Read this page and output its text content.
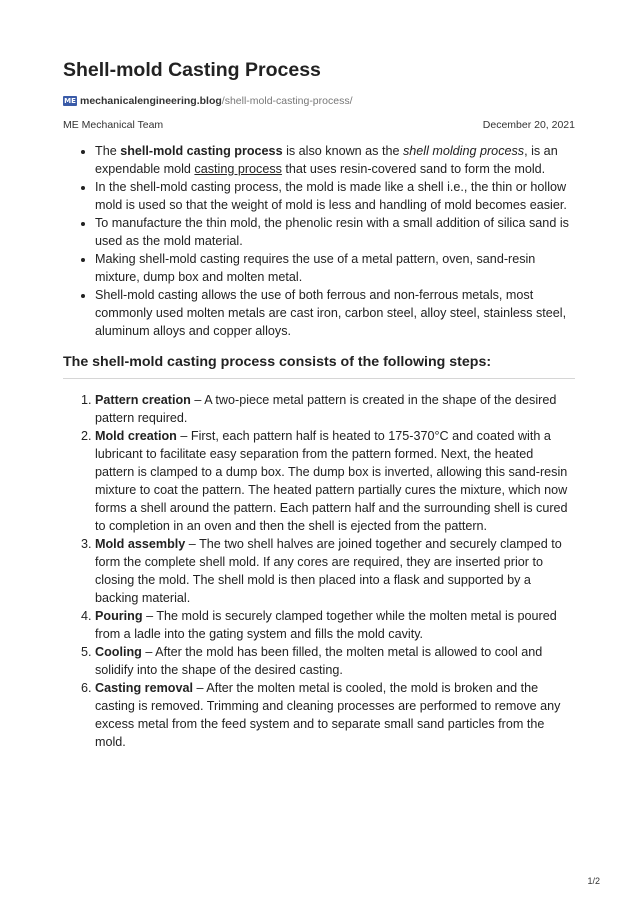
Shell-mold Casting Process
ME mechanicalengineering.blog /shell-mold-casting-process/
ME Mechanical Team	December 20, 2021
• The shell-mold casting process is also known as the shell molding process, is an expendable mold casting process that uses resin-covered sand to form the mold.
• In the shell-mold casting process, the mold is made like a shell i.e., the thin or hollow mold is used so that the weight of mold is less and handling of mold becomes easier.
• To manufacture the thin mold, the phenolic resin with a small addition of silica sand is used as the mold material.
• Making shell-mold casting requires the use of a metal pattern, oven, sand-resin mixture, dump box and molten metal.
• Shell-mold casting allows the use of both ferrous and non-ferrous metals, most commonly used molten metals are cast iron, carbon steel, alloy steel, stainless steel, aluminum alloys and copper alloys.
The shell-mold casting process consists of the following steps:
1. Pattern creation – A two-piece metal pattern is created in the shape of the desired pattern required.
2. Mold creation – First, each pattern half is heated to 175-370°C and coated with a lubricant to facilitate easy separation from the pattern formed. Next, the heated pattern is clamped to a dump box. The dump box is inverted, allowing this sand-resin mixture to coat the pattern. The heated pattern partially cures the mixture, which now forms a shell around the pattern. Each pattern half and the surrounding shell is cured to completion in an oven and then the shell is ejected from the pattern.
3. Mold assembly – The two shell halves are joined together and securely clamped to form the complete shell mold. If any cores are required, they are inserted prior to closing the mold. The shell mold is then placed into a flask and supported by a backing material.
4. Pouring – The mold is securely clamped together while the molten metal is poured from a ladle into the gating system and fills the mold cavity.
5. Cooling – After the mold has been filled, the molten metal is allowed to cool and solidify into the shape of the desired casting.
6. Casting removal – After the molten metal is cooled, the mold is broken and the casting is removed. Trimming and cleaning processes are performed to remove any excess metal from the feed system and to separate small sand particles from the mold.
1/2
